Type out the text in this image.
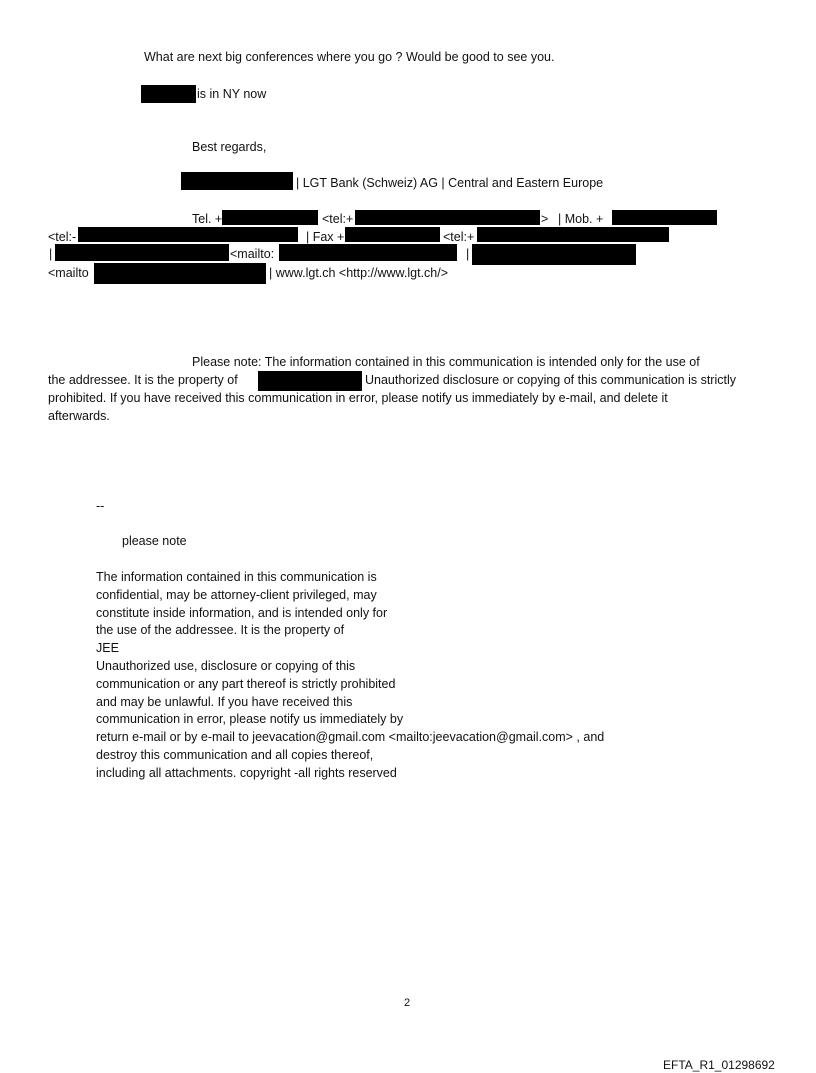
What are next big conferences where you go ? Would be good to see you.
is in NY now
Best regards,
| LGT Bank (Schweiz) AG | Central and Eastern Europe
Tel. +	<tel:+	> | Mob. +
<tel:-	| Fax +	<tel:+
|	<mailto:	|
<mailto	| www.lgt.ch <http://www.lgt.ch/>
Please note: The information contained in this communication is intended only for the use of
the addressee. It is the property of	Unauthorized disclosure or copying of this communication is strictly
prohibited. If you have received this communication in error, please notify us immediately by e-mail, and delete it
afterwards.
--
please note
The information contained in this communication is
confidential, may be attorney-client privileged, may
constitute inside information, and is intended only for
the use of the addressee. It is the property of
JEE
Unauthorized use, disclosure or copying of this
communication or any part thereof is strictly prohibited
and may be unlawful. If you have received this
communication in error, please notify us immediately by
return e-mail or by e-mail to jeevacation@gmail.com <mailto:jeevacation@gmail.com> , and
destroy this communication and all copies thereof,
including all attachments. copyright -all rights reserved
2
EFTA_R1_01298692
